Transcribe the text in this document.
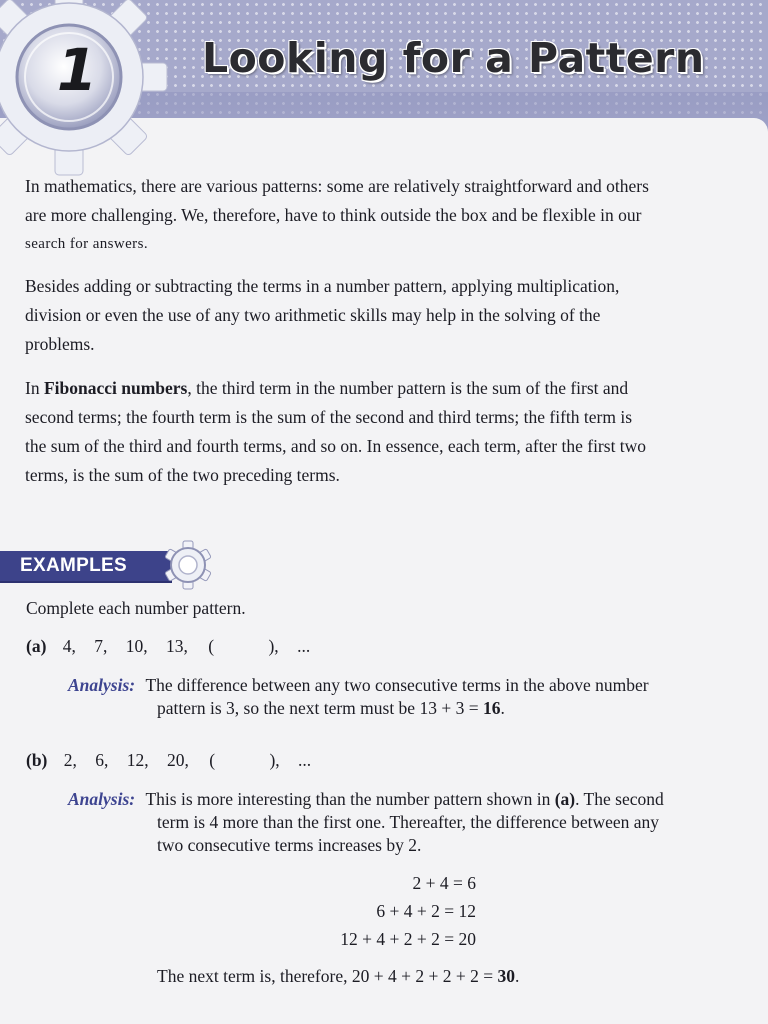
1	Looking for a Pattern
In mathematics, there are various patterns: some are relatively straightforward and others
are more challenging. We, therefore, have to think outside the box and be flexible in our
search for answers.
Besides adding or subtracting the terms in a number pattern, applying multiplication,
division or even the use of any two arithmetic skills may help in the solving of the
problems.
In Fibonacci numbers, the third term in the number pattern is the sum of the first and
second terms; the fourth term is the sum of the second and third terms; the fifth term is
the sum of the third and fourth terms, and so on. In essence, each term, after the first two
terms, is the sum of the two preceding terms.
EXAMPLES
Complete each number pattern.
(a) 4, 7, 10, 13, (	), ...
Analysis: The difference between any two consecutive terms in the above number
pattern is 3, so the next term must be 13 + 3 = 16.
(b) 2, 6, 12, 20, (	), ...
Analysis: This is more interesting than the number pattern shown in (a). The second
term is 4 more than the first one. Thereafter, the difference between any
two consecutive terms increases by 2.
2 + 4 = 6
6 + 4 + 2 = 12
12 + 4 + 2 + 2 = 20
The next term is, therefore, 20 + 4 + 2 + 2 + 2 = 30.
